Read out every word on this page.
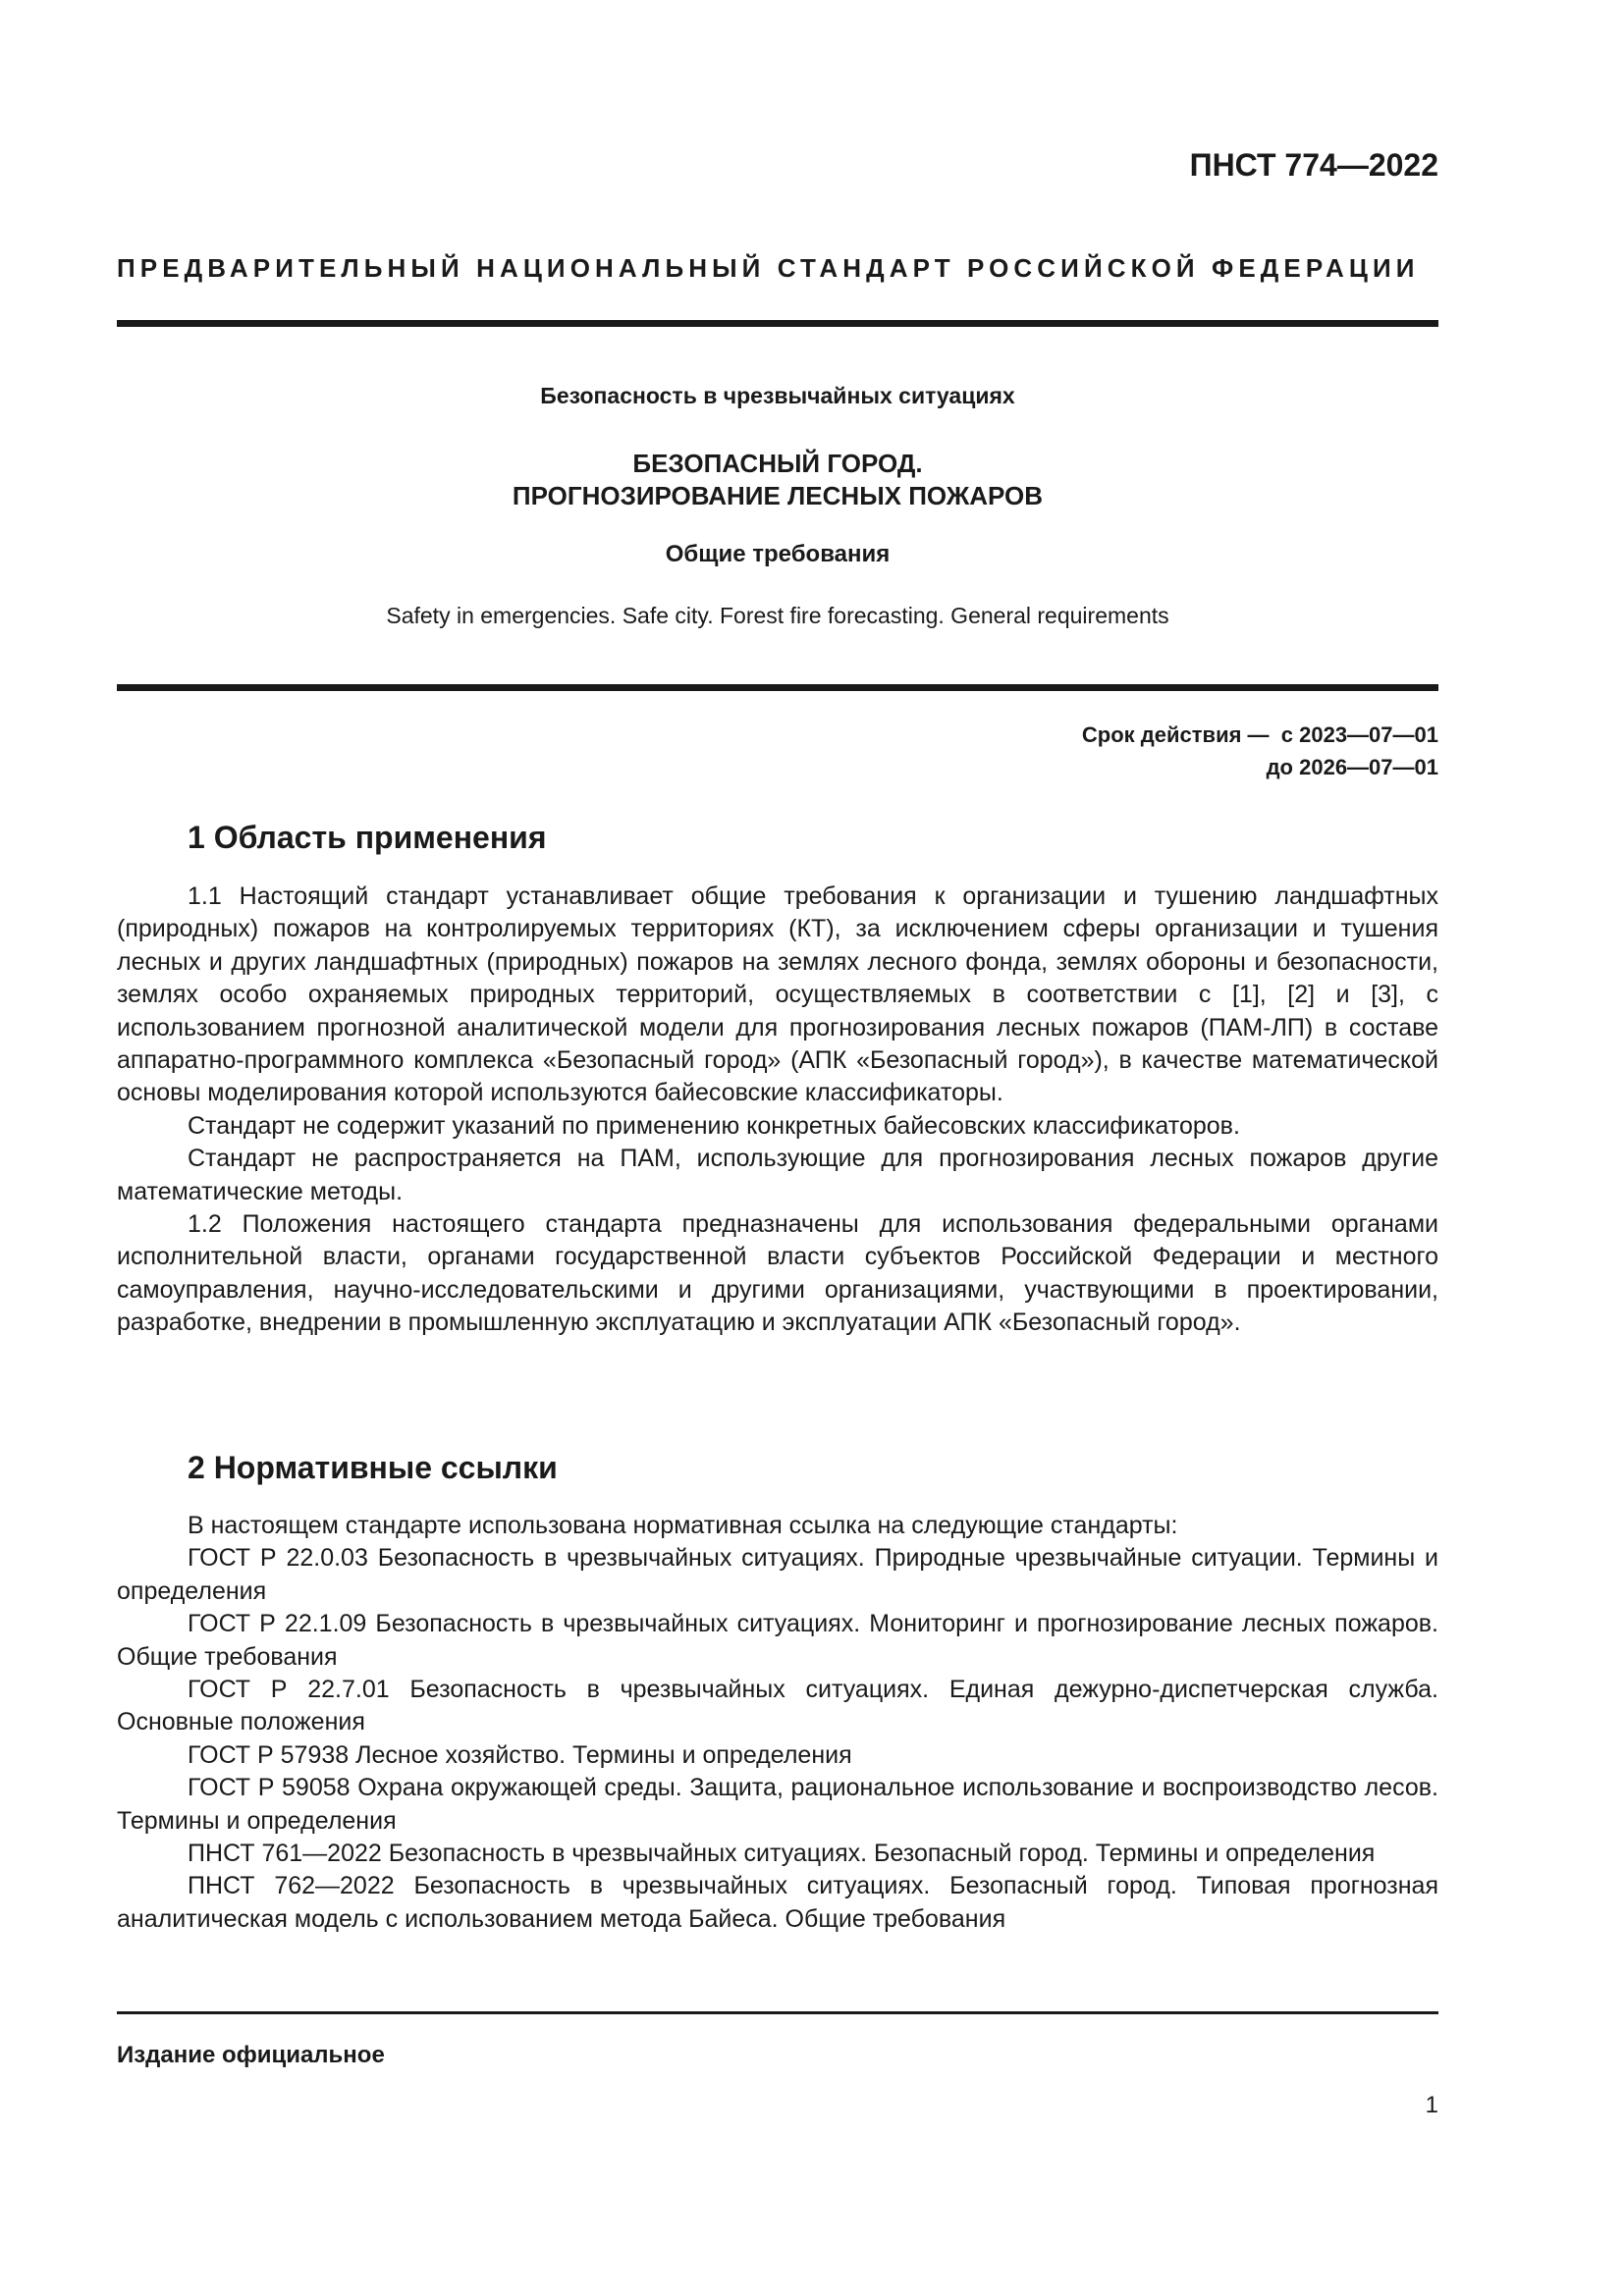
ПНСТ 774—2022
ПРЕДВАРИТЕЛЬНЫЙ НАЦИОНАЛЬНЫЙ СТАНДАРТ РОССИЙСКОЙ ФЕДЕРАЦИИ
Безопасность в чрезвычайных ситуациях
БЕЗОПАСНЫЙ ГОРОД.
ПРОГНОЗИРОВАНИЕ ЛЕСНЫХ ПОЖАРОВ
Общие требования
Safety in emergencies. Safe city. Forest fire forecasting. General requirements
Срок действия —  с 2023—07—01
до 2026—07—01
1 Область применения

1.1 Настоящий стандарт устанавливает общие требования к организации и тушению ландшафтных (природных) пожаров на контролируемых территориях (КТ), за исключением сферы организации и тушения лесных и других ландшафтных (природных) пожаров на землях лесного фонда, землях обороны и безопасности, землях особо охраняемых природных территорий, осуществляемых в соответствии с [1], [2] и [3], с использованием прогнозной аналитической модели для прогнозирования лесных пожаров (ПАМ-ЛП) в составе аппаратно-программного комплекса «Безопасный город» (АПК «Безопасный город»), в качестве математической основы моделирования которой используются байесовские классификаторы.

Стандарт не содержит указаний по применению конкретных байесовских классификаторов.

Стандарт не распространяется на ПАМ, использующие для прогнозирования лесных пожаров другие математические методы.

1.2 Положения настоящего стандарта предназначены для использования федеральными органами исполнительной власти, органами государственной власти субъектов Российской Федерации и местного самоуправления, научно-исследовательскими и другими организациями, участвующими в проектировании, разработке, внедрении в промышленную эксплуатацию и эксплуатации АПК «Безопасный город».

2 Нормативные ссылки

В настоящем стандарте использована нормативная ссылка на следующие стандарты:

ГОСТ Р 22.0.03 Безопасность в чрезвычайных ситуациях. Природные чрезвычайные ситуации. Термины и определения

ГОСТ Р 22.1.09 Безопасность в чрезвычайных ситуациях. Мониторинг и прогнозирование лесных пожаров. Общие требования

ГОСТ Р 22.7.01 Безопасность в чрезвычайных ситуациях. Единая дежурно-диспетчерская служба. Основные положения

ГОСТ Р 57938 Лесное хозяйство. Термины и определения

ГОСТ Р 59058 Охрана окружающей среды. Защита, рациональное использование и воспроизводство лесов. Термины и определения

ПНСТ 761—2022 Безопасность в чрезвычайных ситуациях. Безопасный город. Термины и определения

ПНСТ 762—2022 Безопасность в чрезвычайных ситуациях. Безопасный город. Типовая прогнозная аналитическая модель с использованием метода Байеса. Общие требования

Издание официальное
1
